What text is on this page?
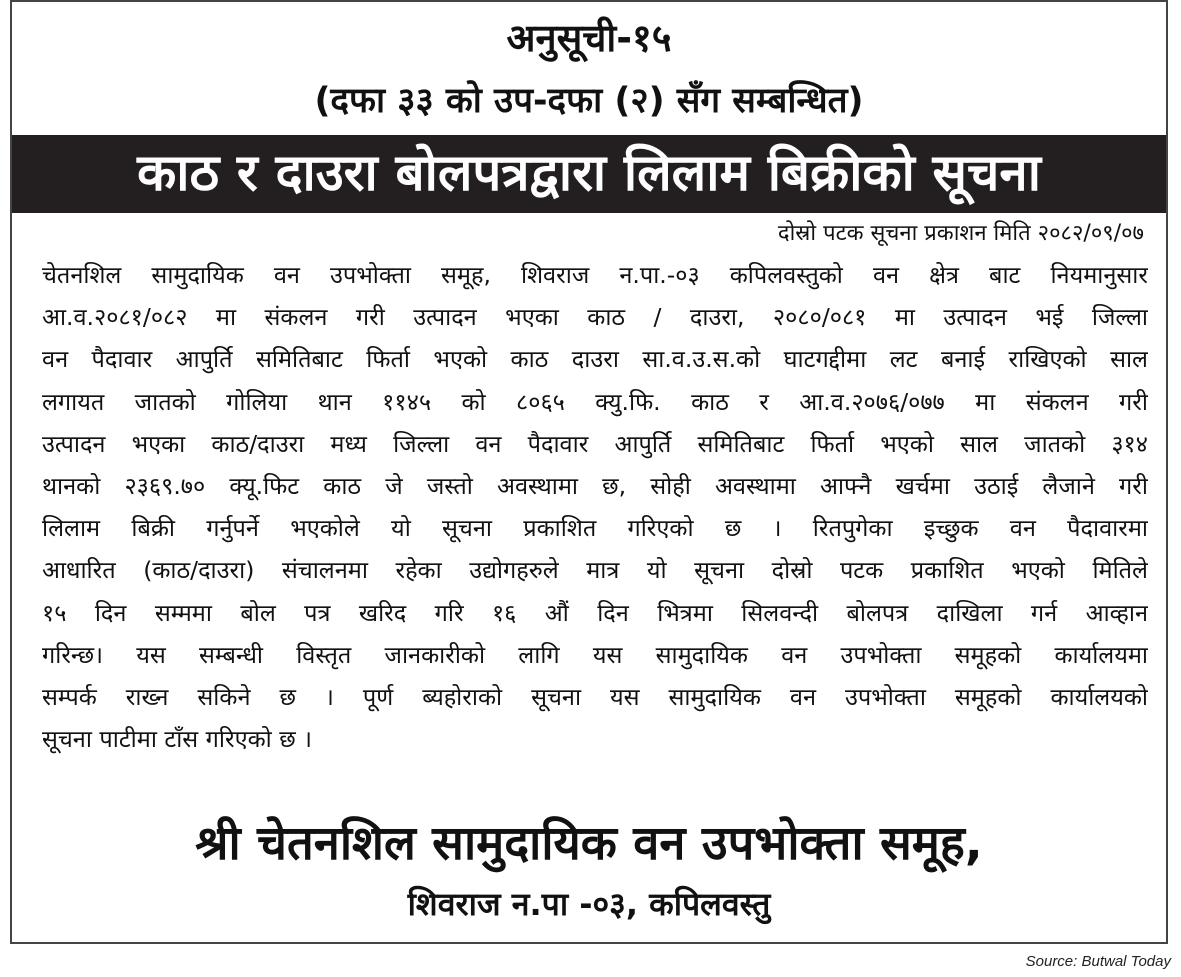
अनुसूची-१५
(दफा ३३ को उप-दफा (२) सँग सम्बन्धित)
काठ र दाउरा बोलपत्रद्वारा लिलाम बिक्रीको सूचना
दोस्रो पटक सूचना प्रकाशन मिति २०८२/०९/०७
चेतनशिल सामुदायिक वन उपभोक्ता समूह, शिवराज न.पा.-०३ कपिलवस्तुको वन क्षेत्र बाट नियमानुसार
आ.व.२०८१/०८२ मा संकलन गरी उत्पादन भएका काठ / दाउरा, २०८०/०८१ मा उत्पादन भई जिल्ला
वन पैदावार आपुर्ति समितिबाट फिर्ता भएको काठ दाउरा सा.व.उ.स.को घाटगद्दीमा लट बनाई राखिएको साल
लगायत जातको गोलिया थान ११४५ को ८०६५ क्यु.फि. काठ र आ.व.२०७६/०७७ मा संकलन गरी
उत्पादन भएका काठ/दाउरा मध्य जिल्ला वन पैदावार आपुर्ति समितिबाट फिर्ता भएको साल जातको ३१४
थानको २३६९.७० क्यू.फिट काठ जे जस्तो अवस्थामा छ, सोही अवस्थामा आफ्नै खर्चमा उठाई लैजाने गरी
लिलाम बिक्री गर्नुपर्ने भएकोले यो सूचना प्रकाशित गरिएको छ । रितपुगेका इच्छुक वन पैदावारमा
आधारित (काठ/दाउरा) संचालनमा रहेका उद्योगहरुले मात्र यो सूचना दोस्रो पटक प्रकाशित भएको मितिले
१५ दिन सम्ममा बोल पत्र खरिद गरि १६ औं दिन भित्रमा सिलवन्दी बोलपत्र दाखिला गर्न आव्हान
गरिन्छ। यस सम्बन्धी विस्तृत जानकारीको लागि यस सामुदायिक वन उपभोक्ता समूहको कार्यालयमा
सम्पर्क राख्न सकिने छ । पूर्ण ब्यहोराको सूचना यस सामुदायिक वन उपभोक्ता समूहको कार्यालयको
सूचना पाटीमा टाँस गरिएको छ ।
श्री चेतनशिल सामुदायिक वन उपभोक्ता समूह,
शिवराज न.पा -०३, कपिलवस्तु
Source: Butwal Today
